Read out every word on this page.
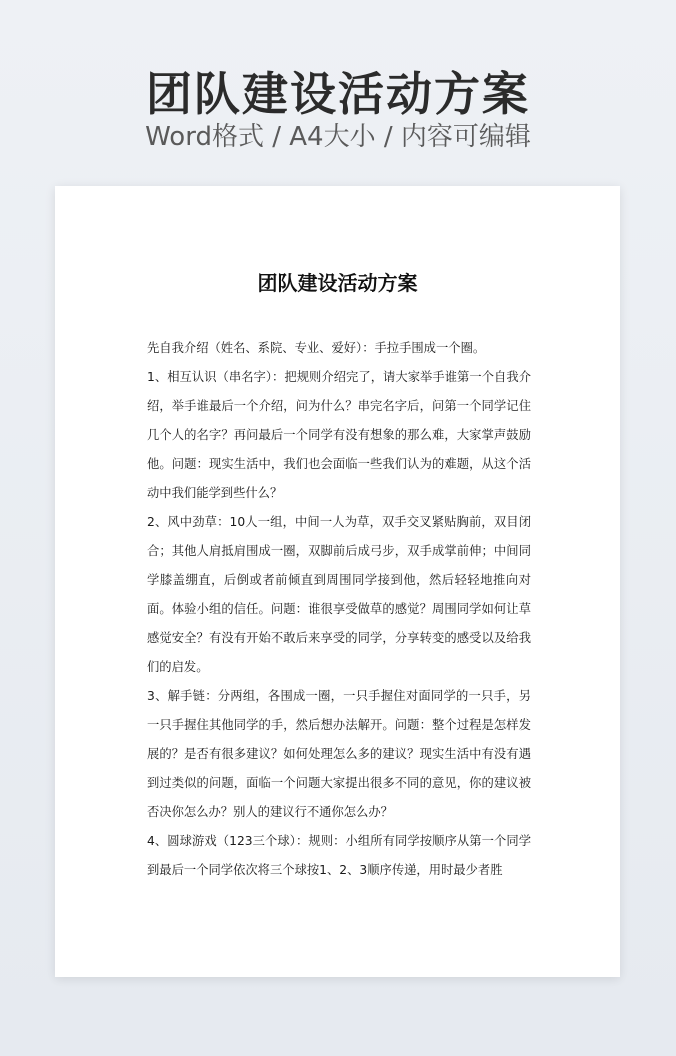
团队建设活动方案
Word格式 / A4大小 / 内容可编辑
团队建设活动方案

先自我介绍（姓名、系院、专业、爱好）：手拉手围成一个圈。

1、相互认识（串名字）：把规则介绍完了，请大家举手谁第一个自我介绍，举手谁最后一个介绍，问为什么？串完名字后，问第一个同学记住几个人的名字？再问最后一个同学有没有想象的那么难，大家掌声鼓励他。问题：现实生活中，我们也会面临一些我们认为的难题，从这个活动中我们能学到些什么？

2、风中劲草：10人一组，中间一人为草，双手交叉紧贴胸前，双目闭合；其他人肩抵肩围成一圈，双脚前后成弓步，双手成掌前伸；中间同学膝盖绷直，后倒或者前倾直到周围同学接到他，然后轻轻地推向对面。体验小组的信任。问题：谁很享受做草的感觉？周围同学如何让草感觉安全？有没有开始不敢后来享受的同学，分享转变的感受以及给我们的启发。

3、解手链：分两组，各围成一圈，一只手握住对面同学的一只手，另一只手握住其他同学的手，然后想办法解开。问题：整个过程是怎样发展的？是否有很多建议？如何处理怎么多的建议？现实生活中有没有遇到过类似的问题，面临一个问题大家提出很多不同的意见，你的建议被否决你怎么办？别人的建议行不通你怎么办？

4、圆球游戏（123三个球）：规则：小组所有同学按顺序从第一个同学到最后一个同学依次将三个球按1、2、3顺序传递，用时最少者胜
